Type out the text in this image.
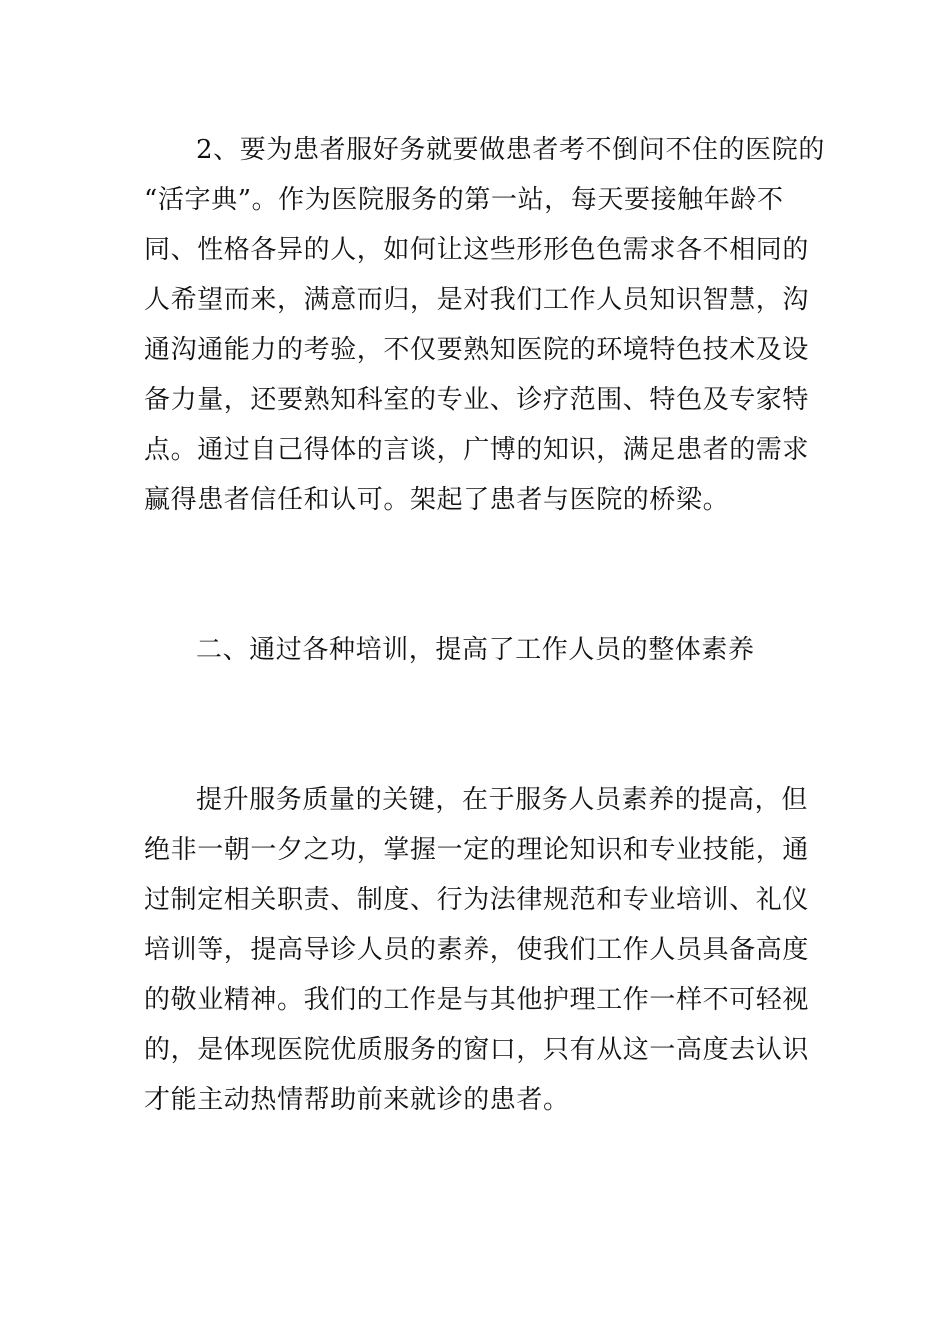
2、要为患者服好务就要做患者考不倒问不住的医院的
“活字典”。作为医院服务的第一站，每天要接触年龄不
同、性格各异的人，如何让这些形形色色需求各不相同的
人希望而来，满意而归，是对我们工作人员知识智慧，沟
通沟通能力的考验，不仅要熟知医院的环境特色技术及设
备力量，还要熟知科室的专业、诊疗范围、特色及专家特
点。通过自己得体的言谈，广博的知识，满足患者的需求
赢得患者信任和认可。架起了患者与医院的桥梁。
二、通过各种培训，提高了工作人员的整体素养
提升服务质量的关键，在于服务人员素养的提高，但
绝非一朝一夕之功，掌握一定的理论知识和专业技能，通
过制定相关职责、制度、行为法律规范和专业培训、礼仪
培训等，提高导诊人员的素养，使我们工作人员具备高度
的敬业精神。我们的工作是与其他护理工作一样不可轻视
的，是体现医院优质服务的窗口，只有从这一高度去认识
才能主动热情帮助前来就诊的患者。
